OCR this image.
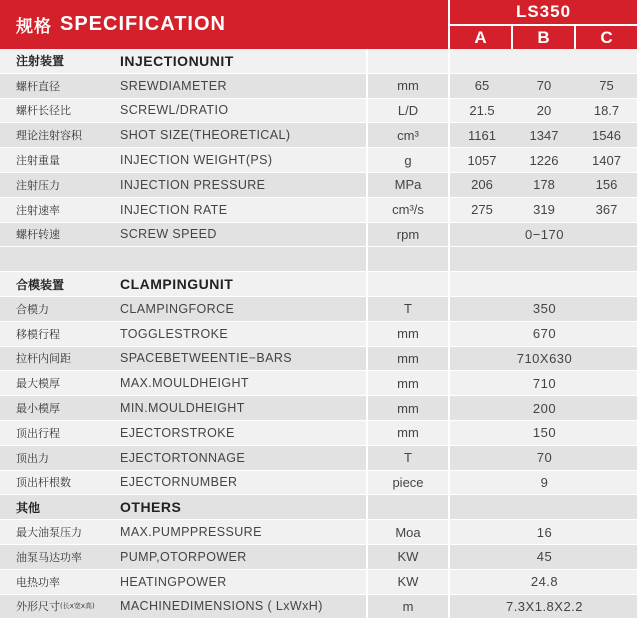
规格 SPECIFICATION
LS350
A	B	C
注射装置	INJECTIONUNIT
螺杆直径	SREWDIAMETER	mm	65	70	75
螺杆长径比	SCREWL/DRATIO	L/D	21.5	20	18.7
理论注射容积	SHOT SIZE(THEORETICAL)	cm³	1161	1347	1546
注射重量	INJECTION WEIGHT(PS)	g	1057	1226	1407
注射压力	INJECTION PRESSURE	MPa	206	178	156
注射速率	INJECTION RATE	cm³/s	275	319	367
螺杆转速	SCREW SPEED	rpm	0−170
合模装置	CLAMPINGUNIT
合模力	CLAMPINGFORCE	T	350
移模行程	TOGGLESTROKE	mm	670
拉杆内间距	SPACEBETWEENTIE−BARS	mm	710X630
最大模厚	MAX.MOULDHEIGHT	mm	710
最小模厚	MIN.MOULDHEIGHT	mm	200
顶出行程	EJECTORSTROKE	mm	150
顶出力	EJECTORTONNAGE	T	70
顶出杆根数	EJECTORNUMBER	piece	9
其他	OTHERS
最大油泵压力	MAX.PUMPPRESSURE	Moa	16
油泵马达功率	PUMP,OTORPOWER	KW	45
电热功率	HEATINGPOWER	KW	24.8
外形尺寸 (长x宽x高) MACHINEDIMENSIONS ( LxWxH)	m	7.3X1.8X2.2
